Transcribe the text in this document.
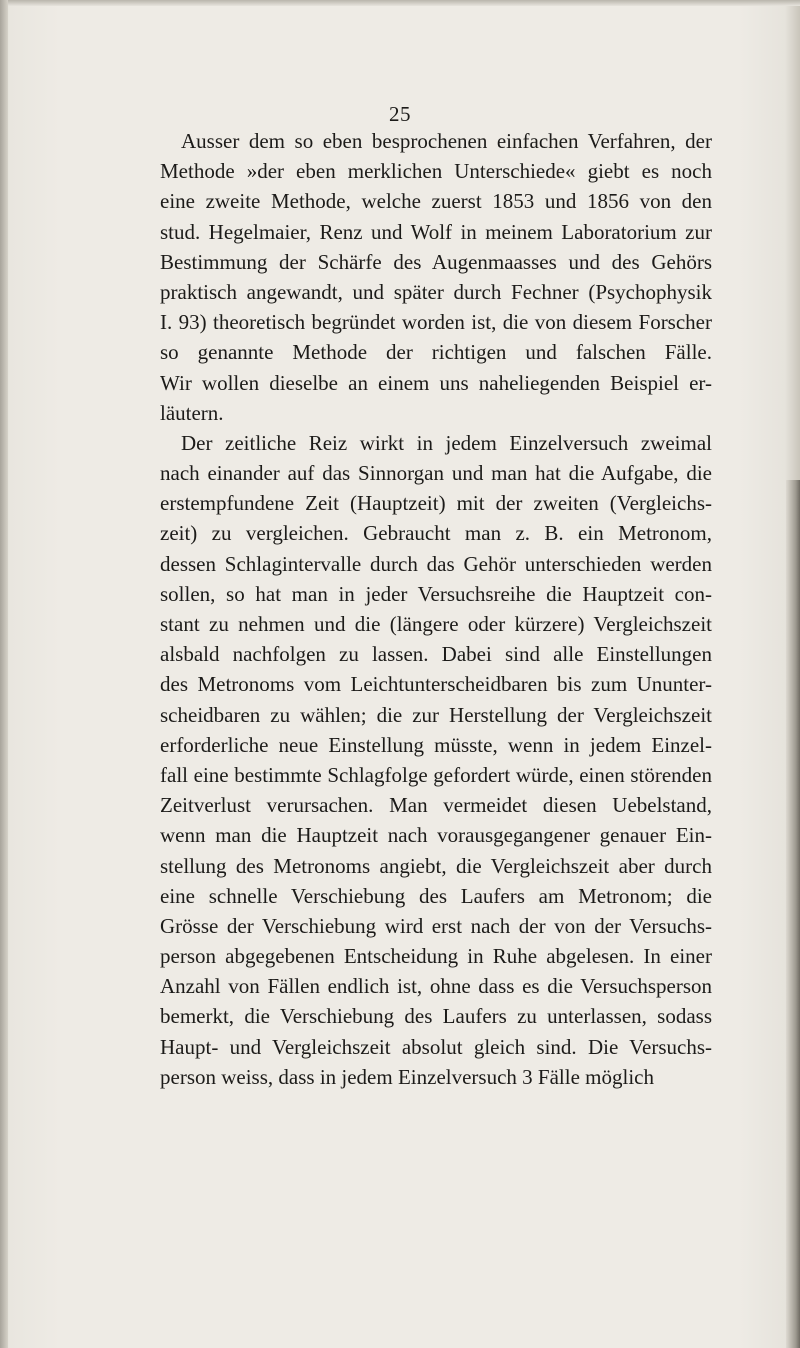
25
Ausser dem so eben besprochenen einfachen Verfahren, der
Methode »der eben merklichen Unterschiede« giebt es noch
eine zweite Methode, welche zuerst 1853 und 1856 von den
stud. Hegelmaier, Renz und Wolf in meinem Laboratorium zur
Bestimmung der Schärfe des Augenmaasses und des Gehörs
praktisch angewandt, und später durch Fechner (Psychophysik
I. 93) theoretisch begründet worden ist, die von diesem Forscher
so genannte Methode der richtigen und falschen Fälle.
Wir wollen dieselbe an einem uns naheliegenden Beispiel er-
läutern.
Der zeitliche Reiz wirkt in jedem Einzelversuch zweimal
nach einander auf das Sinnorgan und man hat die Aufgabe, die
erstempfundene Zeit (Hauptzeit) mit der zweiten (Vergleichs-
zeit) zu vergleichen. Gebraucht man z. B. ein Metronom,
dessen Schlagintervalle durch das Gehör unterschieden werden
sollen, so hat man in jeder Versuchsreihe die Hauptzeit con-
stant zu nehmen und die (längere oder kürzere) Vergleichszeit
alsbald nachfolgen zu lassen. Dabei sind alle Einstellungen
des Metronoms vom Leichtunterscheidbaren bis zum Ununter-
scheidbaren zu wählen; die zur Herstellung der Vergleichszeit
erforderliche neue Einstellung müsste, wenn in jedem Einzel-
fall eine bestimmte Schlagfolge gefordert würde, einen störenden
Zeitverlust verursachen. Man vermeidet diesen Uebelstand,
wenn man die Hauptzeit nach vorausgegangener genauer Ein-
stellung des Metronoms angiebt, die Vergleichszeit aber durch
eine schnelle Verschiebung des Laufers am Metronom; die
Grösse der Verschiebung wird erst nach der von der Versuchs-
person abgegebenen Entscheidung in Ruhe abgelesen. In einer
Anzahl von Fällen endlich ist, ohne dass es die Versuchsperson
bemerkt, die Verschiebung des Laufers zu unterlassen, sodass
Haupt- und Vergleichszeit absolut gleich sind. Die Versuchs-
person weiss, dass in jedem Einzelversuch 3 Fälle möglich
